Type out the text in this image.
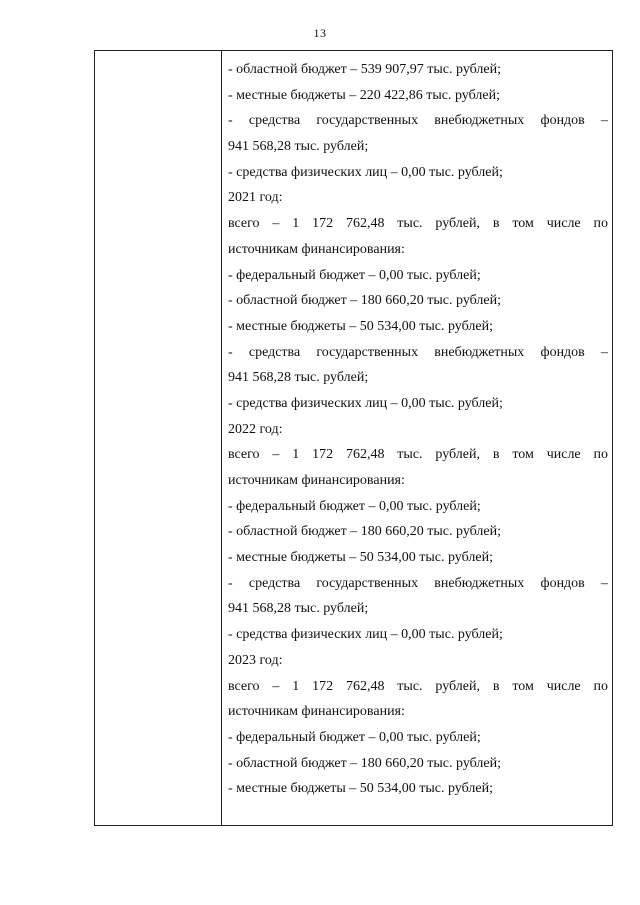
13
- областной бюджет – 539 907,97 тыс. рублей;
- местные бюджеты – 220 422,86 тыс. рублей;
- средства государственных внебюджетных фондов –
941 568,28 тыс. рублей;
- средства физических лиц – 0,00 тыс. рублей;
2021 год:
всего – 1 172 762,48 тыс. рублей, в том числе по
источникам финансирования:
- федеральный бюджет – 0,00 тыс. рублей;
- областной бюджет – 180 660,20 тыс. рублей;
- местные бюджеты – 50 534,00 тыс. рублей;
- средства государственных внебюджетных фондов –
941 568,28 тыс. рублей;
- средства физических лиц – 0,00 тыс. рублей;
2022 год:
всего – 1 172 762,48 тыс. рублей, в том числе по
источникам финансирования:
- федеральный бюджет – 0,00 тыс. рублей;
- областной бюджет – 180 660,20 тыс. рублей;
- местные бюджеты – 50 534,00 тыс. рублей;
- средства государственных внебюджетных фондов –
941 568,28 тыс. рублей;
- средства физических лиц – 0,00 тыс. рублей;
2023 год:
всего – 1 172 762,48 тыс. рублей, в том числе по
источникам финансирования:
- федеральный бюджет – 0,00 тыс. рублей;
- областной бюджет – 180 660,20 тыс. рублей;
- местные бюджеты – 50 534,00 тыс. рублей;
